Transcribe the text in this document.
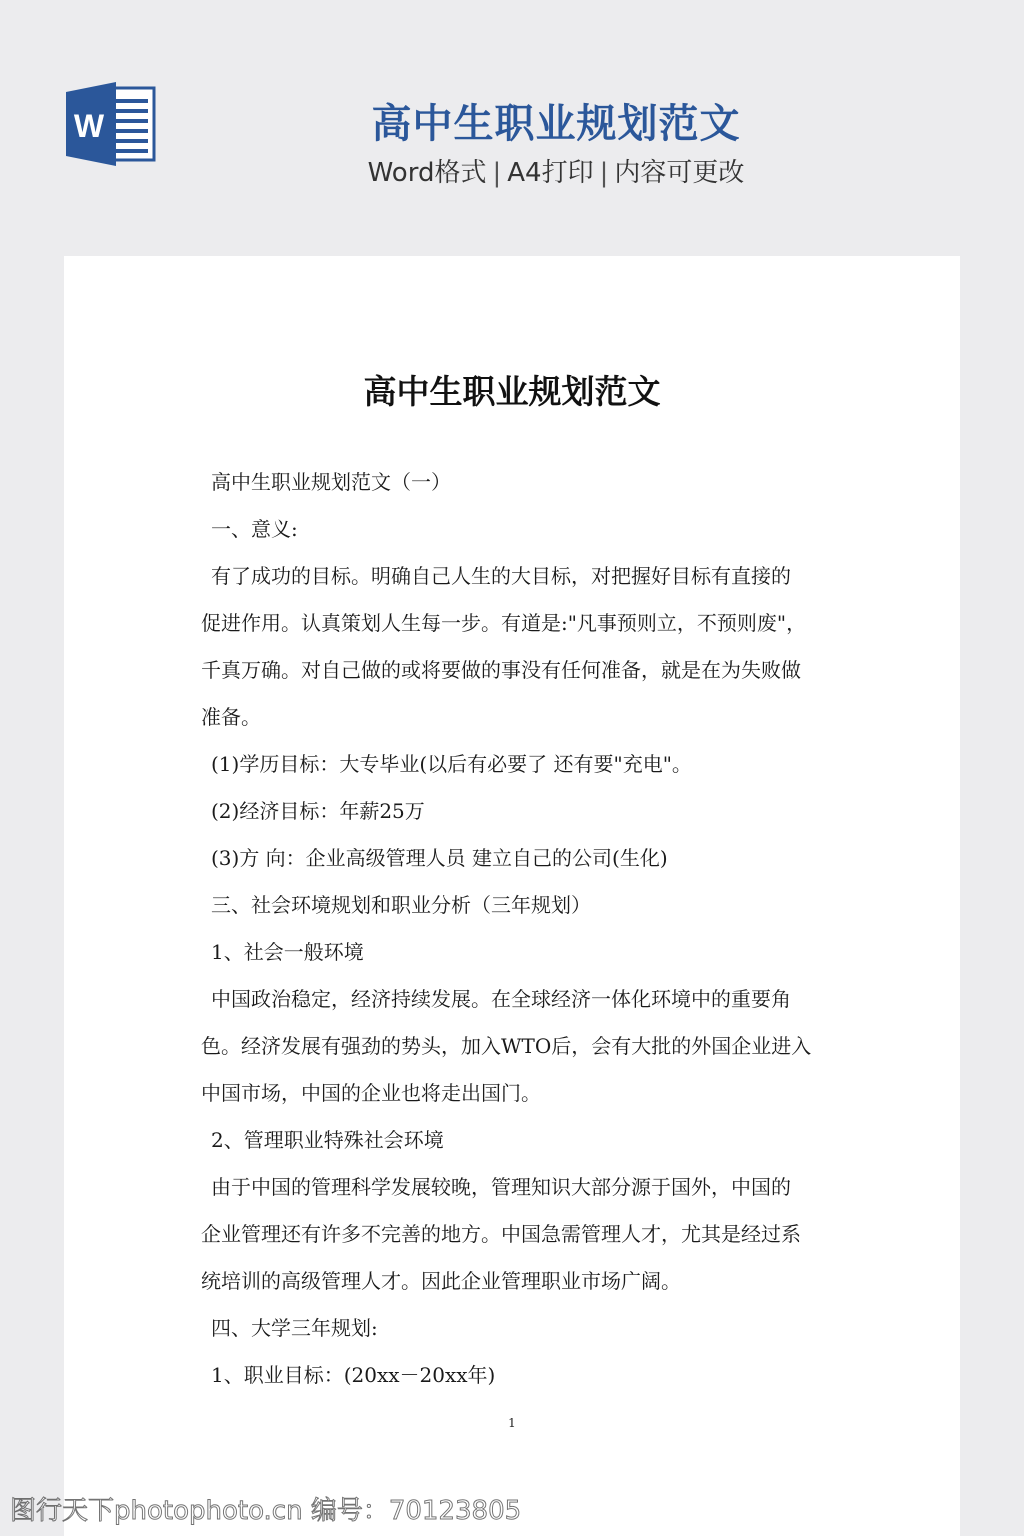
W	高中生职业规划范文
Word格式 | A4打印 | 内容可更改
高中生职业规划范文
高中生职业规划范文（一）
一、意义:
有了成功的目标。明确自己人生的大目标，对把握好目标有直接的
促进作用。认真策划人生每一步。有道是:"凡事预则立，不预则废"，
千真万确。对自己做的或将要做的事没有任何准备，就是在为失败做
准备。
(1)学历目标：大专毕业(以后有必要了 还有要"充电"。
(2)经济目标：年薪25万
(3)方 向：企业高级管理人员 建立自己的公司(生化)
三、社会环境规划和职业分析（三年规划）
1、社会一般环境
中国政治稳定，经济持续发展。在全球经济一体化环境中的重要角
色。经济发展有强劲的势头，加入WTO后，会有大批的外国企业进入
中国市场，中国的企业也将走出国门。
2、管理职业特殊社会环境
由于中国的管理科学发展较晚，管理知识大部分源于国外，中国的
企业管理还有许多不完善的地方。中国急需管理人才，尤其是经过系
统培训的高级管理人才。因此企业管理职业市场广阔。
四、大学三年规划:
1、职业目标：(20xx－20xx年)
1
图行天下photophoto.cn 编号：70123805
